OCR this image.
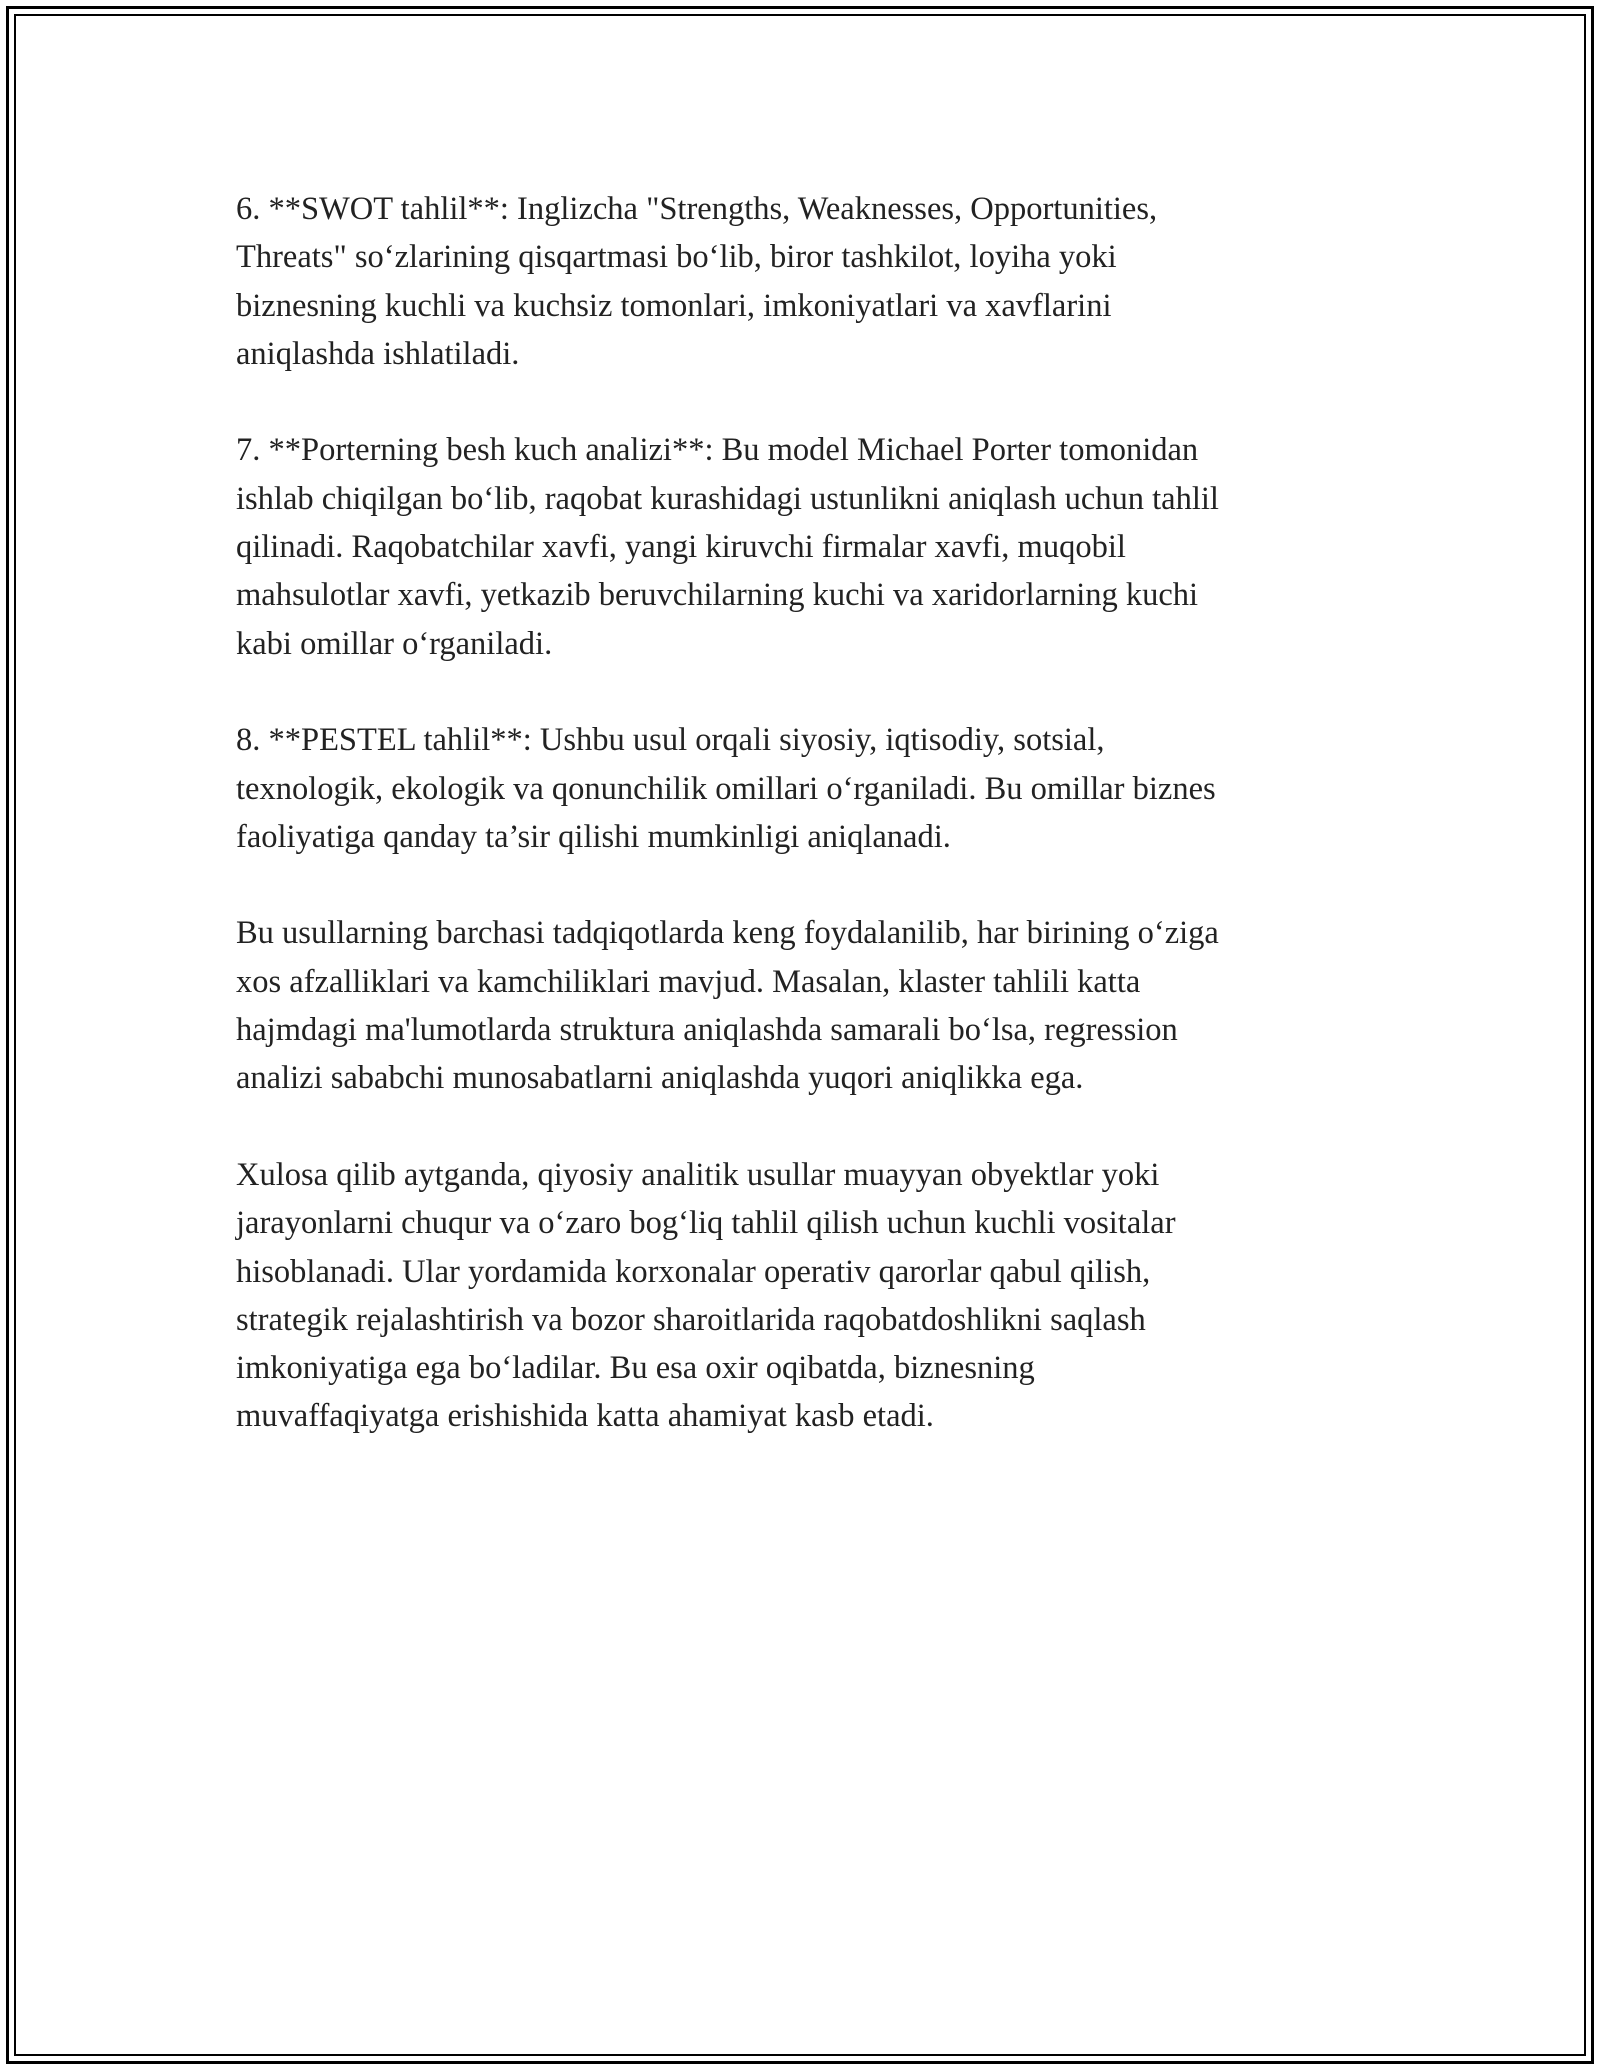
6. **SWOT tahlil**: Inglizcha "Strengths, Weaknesses, Opportunities,
Threats" so‘zlarining qisqartmasi bo‘lib, biror tashkilot, loyiha yoki
biznesning kuchli va kuchsiz tomonlari, imkoniyatlari va xavflarini
aniqlashda ishlatiladi.

7. **Porterning besh kuch analizi**: Bu model Michael Porter tomonidan
ishlab chiqilgan bo‘lib, raqobat kurashidagi ustunlikni aniqlash uchun tahlil
qilinadi. Raqobatchilar xavfi, yangi kiruvchi firmalar xavfi, muqobil
mahsulotlar xavfi, yetkazib beruvchilarning kuchi va xaridorlarning kuchi
kabi omillar o‘rganiladi.

8. **PESTEL tahlil**: Ushbu usul orqali siyosiy, iqtisodiy, sotsial,
texnologik, ekologik va qonunchilik omillari o‘rganiladi. Bu omillar biznes
faoliyatiga qanday ta’sir qilishi mumkinligi aniqlanadi.

Bu usullarning barchasi tadqiqotlarda keng foydalanilib, har birining o‘ziga
xos afzalliklari va kamchiliklari mavjud. Masalan, klaster tahlili katta
hajmdagi ma'lumotlarda struktura aniqlashda samarali bo‘lsa, regression
analizi sababchi munosabatlarni aniqlashda yuqori aniqlikka ega.

Xulosa qilib aytganda, qiyosiy analitik usullar muayyan obyektlar yoki
jarayonlarni chuqur va o‘zaro bog‘liq tahlil qilish uchun kuchli vositalar
hisoblanadi. Ular yordamida korxonalar operativ qarorlar qabul qilish,
strategik rejalashtirish va bozor sharoitlarida raqobatdoshlikni saqlash
imkoniyatiga ega bo‘ladilar. Bu esa oxir oqibatda, biznesning
muvaffaqiyatga erishishida katta ahamiyat kasb etadi.
